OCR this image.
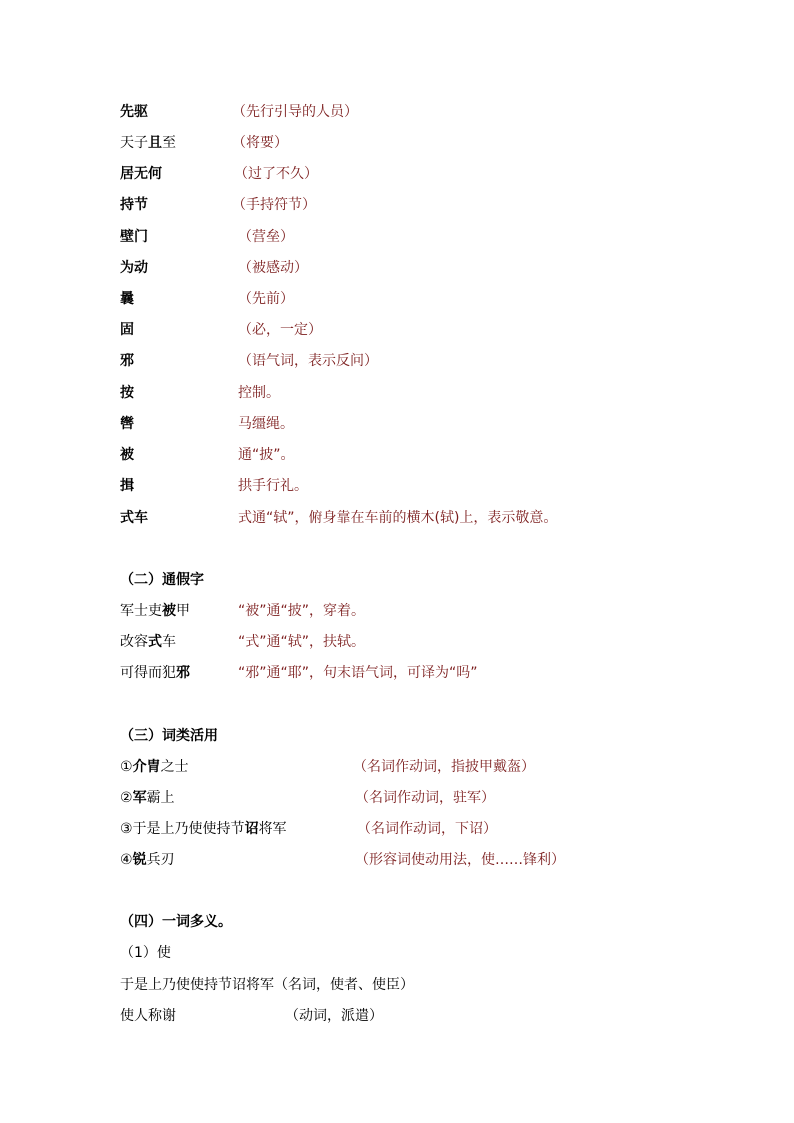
先驱	（先行引导的人员）
天子且至	（将要）
居无何	（过了不久）
持节	（手持符节）
壁门	（营垒）
为动	（被感动）
曩	（先前）
固	（必，一定）
邪	（语气词，表示反问）
按	控制。
辔	马缰绳。
被	通“披”。
揖	拱手行礼。
式车	式通“轼”，俯身靠在车前的横木(轼)上，表示敬意。
（二）通假字
军士吏被甲	“被”通“披”，穿着。
改容式车	“式”通“轼”，扶轼。
可得而犯邪	“邪”通“耶”，句末语气词，可译为“吗”
（三）词类活用
①介胄之士	（名词作动词，指披甲戴盔）
②军霸上	（名词作动词，驻军）
③于是上乃使使持节诏将军	（名词作动词，下诏）
④锐兵刃	（形容词使动用法，使……锋利）
（四）一词多义。
（1）使
于是上乃使使持节诏将军（名词，使者、使臣）
使人称谢	（动词，派遣）
